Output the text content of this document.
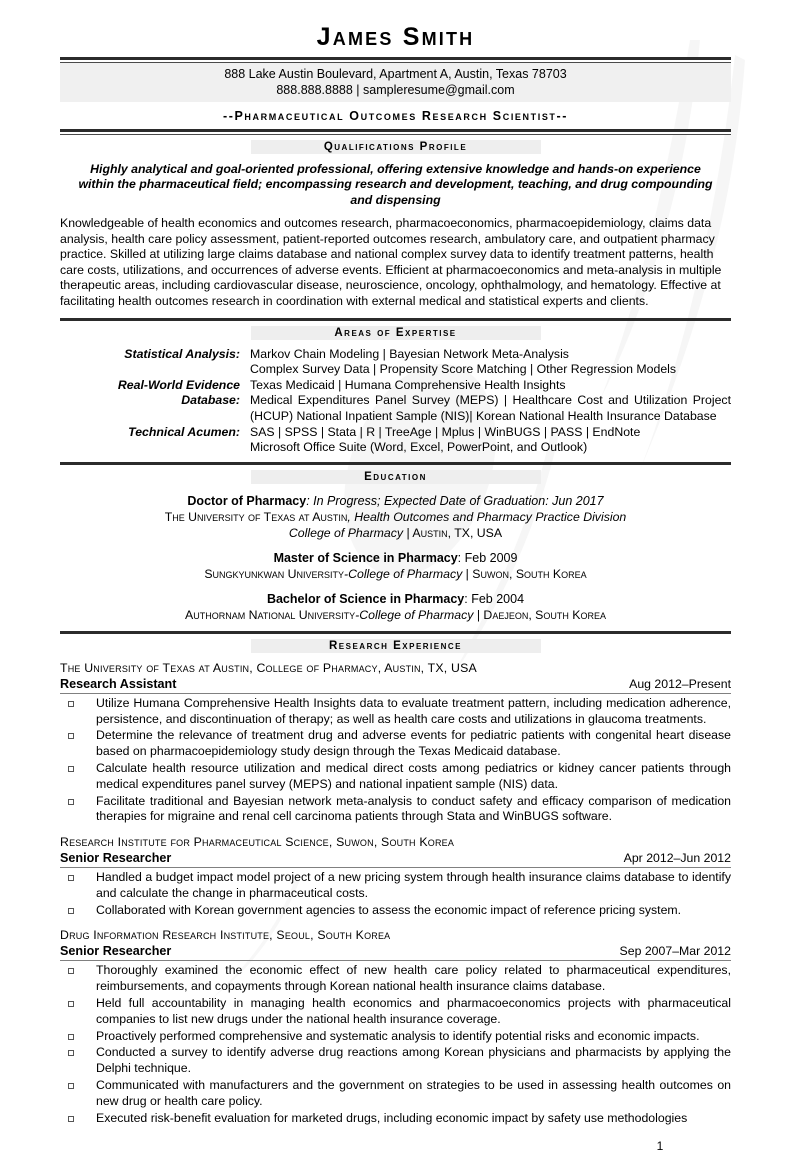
James Smith
888 Lake Austin Boulevard, Apartment A, Austin, Texas 78703
888.888.8888 | sampleresume@gmail.com
--Pharmaceutical Outcomes Research Scientist--
Qualifications Profile
Highly analytical and goal-oriented professional, offering extensive knowledge and hands-on experience within the pharmaceutical field; encompassing research and development, teaching, and drug compounding and dispensing
Knowledgeable of health economics and outcomes research, pharmacoeconomics, pharmacoepidemiology, claims data analysis, health care policy assessment, patient-reported outcomes research, ambulatory care, and outpatient pharmacy practice. Skilled at utilizing large claims database and national complex survey data to identify treatment patterns, health care costs, utilizations, and occurrences of adverse events. Efficient at pharmacoeconomics and meta-analysis in multiple therapeutic areas, including cardiovascular disease, neuroscience, oncology, ophthalmology, and hematology. Effective at facilitating health outcomes research in coordination with external medical and statistical experts and clients.
Areas of Expertise
Statistical Analysis: Markov Chain Modeling | Bayesian Network Meta-Analysis
Complex Survey Data | Propensity Score Matching | Other Regression Models
Real-World Evidence Database:
Texas Medicaid | Humana Comprehensive Health Insights
Medical Expenditures Panel Survey (MEPS) | Healthcare Cost and Utilization Project (HCUP) National Inpatient Sample (NIS)| Korean National Health Insurance Database
Technical Acumen: SAS | SPSS | Stata | R | TreeAge | Mplus | WinBUGS | PASS | EndNote
Microsoft Office Suite (Word, Excel, PowerPoint, and Outlook)
Education
Doctor of Pharmacy: In Progress; Expected Date of Graduation: Jun 2017
The University of Texas at Austin, Health Outcomes and Pharmacy Practice Division
College of Pharmacy | Austin, TX, USA
Master of Science in Pharmacy: Feb 2009
Sungkyunkwan University-College of Pharmacy | Suwon, South Korea
Bachelor of Science in Pharmacy: Feb 2004
Authornam National University-College of Pharmacy | Daejeon, South Korea
Research Experience
The University of Texas at Austin, College of Pharmacy, Austin, TX, USA
Research Assistant	Aug 2012–Present
Utilize Humana Comprehensive Health Insights data to evaluate treatment pattern, including medication adherence, persistence, and discontinuation of therapy; as well as health care costs and utilizations in glaucoma treatments.
Determine the relevance of treatment drug and adverse events for pediatric patients with congenital heart disease based on pharmacoepidemiology study design through the Texas Medicaid database.
Calculate health resource utilization and medical direct costs among pediatrics or kidney cancer patients through medical expenditures panel survey (MEPS) and national inpatient sample (NIS) data.
Facilitate traditional and Bayesian network meta-analysis to conduct safety and efficacy comparison of medication therapies for migraine and renal cell carcinoma patients through Stata and WinBUGS software.
Research Institute for Pharmaceutical Science, Suwon, South Korea
Senior Researcher	Apr 2012–Jun 2012
Handled a budget impact model project of a new pricing system through health insurance claims database to identify and calculate the change in pharmaceutical costs.
Collaborated with Korean government agencies to assess the economic impact of reference pricing system.
Drug Information Research Institute, Seoul, South Korea
Senior Researcher	Sep 2007–Mar 2012
Thoroughly examined the economic effect of new health care policy related to pharmaceutical expenditures, reimbursements, and copayments through Korean national health insurance claims database.
Held full accountability in managing health economics and pharmacoeconomics projects with pharmaceutical companies to list new drugs under the national health insurance coverage.
Proactively performed comprehensive and systematic analysis to identify potential risks and economic impacts.
Conducted a survey to identify adverse drug reactions among Korean physicians and pharmacists by applying the Delphi technique.
Communicated with manufacturers and the government on strategies to be used in assessing health outcomes on new drug or health care policy.
Executed risk-benefit evaluation for marketed drugs, including economic impact by safety use methodologies
1
